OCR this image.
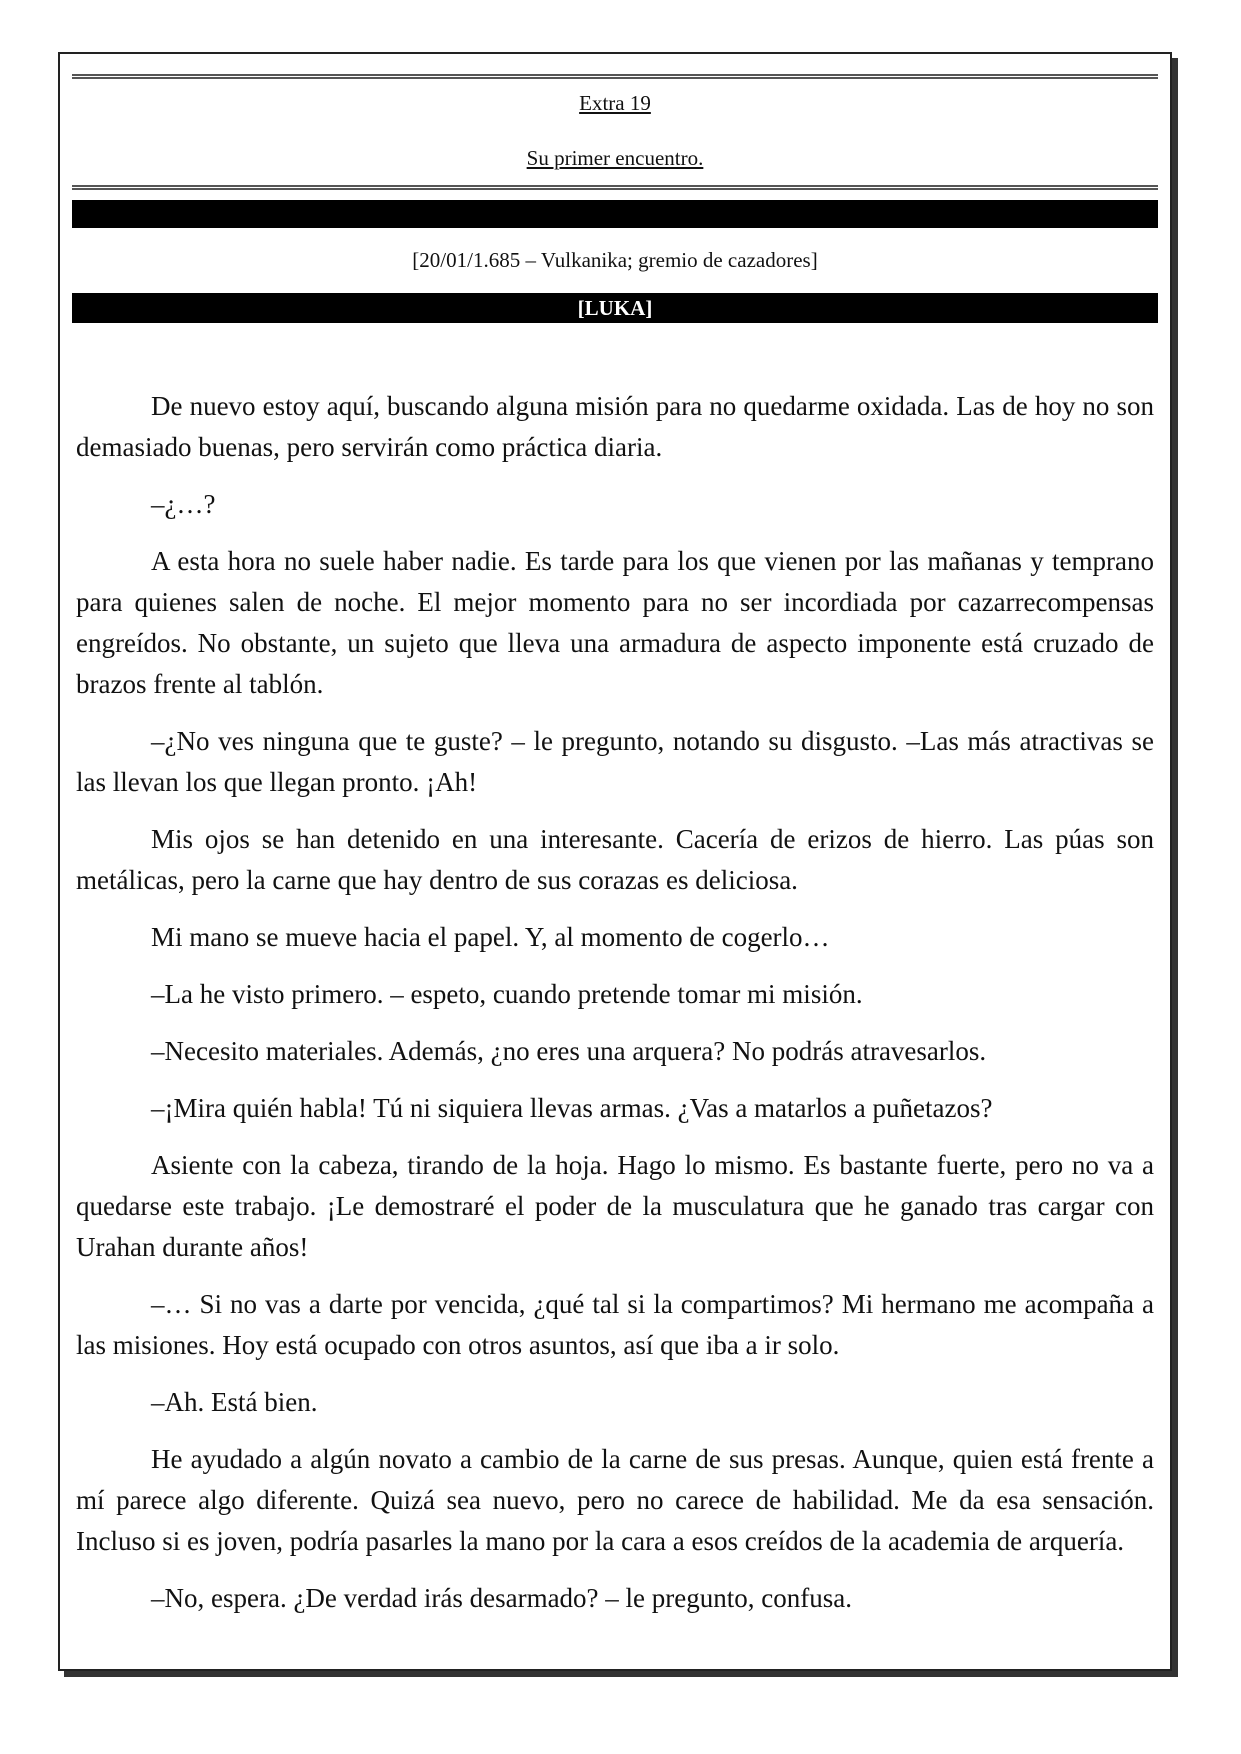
Extra 19
Su primer encuentro.
[20/01/1.685 – Vulkanika; gremio de cazadores]
[LUKA]

De nuevo estoy aquí, buscando alguna misión para no quedarme oxidada. Las de hoy no son demasiado buenas, pero servirán como práctica diaria.

–¿…?

A esta hora no suele haber nadie. Es tarde para los que vienen por las mañanas y temprano para quienes salen de noche. El mejor momento para no ser incordiada por cazarrecompensas engreídos. No obstante, un sujeto que lleva una armadura de aspecto imponente está cruzado de brazos frente al tablón.

–¿No ves ninguna que te guste? – le pregunto, notando su disgusto. –Las más atractivas se las llevan los que llegan pronto. ¡Ah!

Mis ojos se han detenido en una interesante. Cacería de erizos de hierro. Las púas son metálicas, pero la carne que hay dentro de sus corazas es deliciosa.

Mi mano se mueve hacia el papel. Y, al momento de cogerlo…

–La he visto primero. – espeto, cuando pretende tomar mi misión.

–Necesito materiales. Además, ¿no eres una arquera? No podrás atravesarlos.

–¡Mira quién habla! Tú ni siquiera llevas armas. ¿Vas a matarlos a puñetazos?

Asiente con la cabeza, tirando de la hoja. Hago lo mismo. Es bastante fuerte, pero no va a quedarse este trabajo. ¡Le demostraré el poder de la musculatura que he ganado tras cargar con Urahan durante años!

–… Si no vas a darte por vencida, ¿qué tal si la compartimos? Mi hermano me acompaña a las misiones. Hoy está ocupado con otros asuntos, así que iba a ir solo.

–Ah. Está bien.

He ayudado a algún novato a cambio de la carne de sus presas. Aunque, quien está frente a mí parece algo diferente. Quizá sea nuevo, pero no carece de habilidad. Me da esa sensación. Incluso si es joven, podría pasarles la mano por la cara a esos creídos de la academia de arquería.

–No, espera. ¿De verdad irás desarmado? – le pregunto, confusa.
